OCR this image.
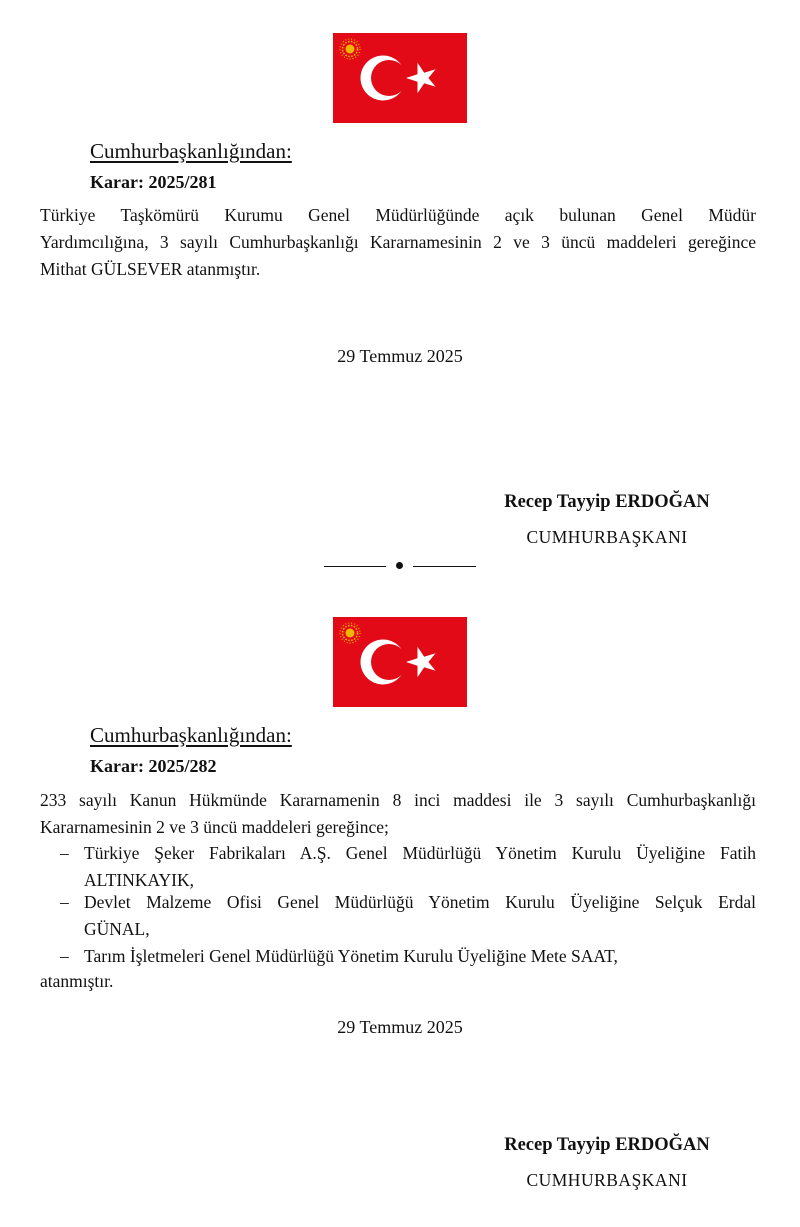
Cumhurbaşkanlığından:
Karar: 2025/281

Türkiye Taşkömürü Kurumu Genel Müdürlüğünde açık bulunan Genel Müdür
Yardımcılığına, 3 sayılı Cumhurbaşkanlığı Kararnamesinin 2 ve 3 üncü maddeleri gereğince
Mithat GÜLSEVER atanmıştır.

29 Temmuz 2025
Recep Tayyip ERDOĞAN
CUMHURBAŞKANI
Cumhurbaşkanlığından:
Karar: 2025/282

233 sayılı Kanun Hükmünde Kararnamenin 8 inci maddesi ile 3 sayılı Cumhurbaşkanlığı
Kararnamesinin 2 ve 3 üncü maddeleri gereğince;

– Türkiye Şeker Fabrikaları A.Ş. Genel Müdürlüğü Yönetim Kurulu Üyeliğine Fatih
ALTINKAYIK,

– Devlet Malzeme Ofisi Genel Müdürlüğü Yönetim Kurulu Üyeliğine Selçuk Erdal
GÜNAL,

– Tarım İşletmeleri Genel Müdürlüğü Yönetim Kurulu Üyeliğine Mete SAAT,

atanmıştır.
29 Temmuz 2025
Recep Tayyip ERDOĞAN
CUMHURBAŞKANI
